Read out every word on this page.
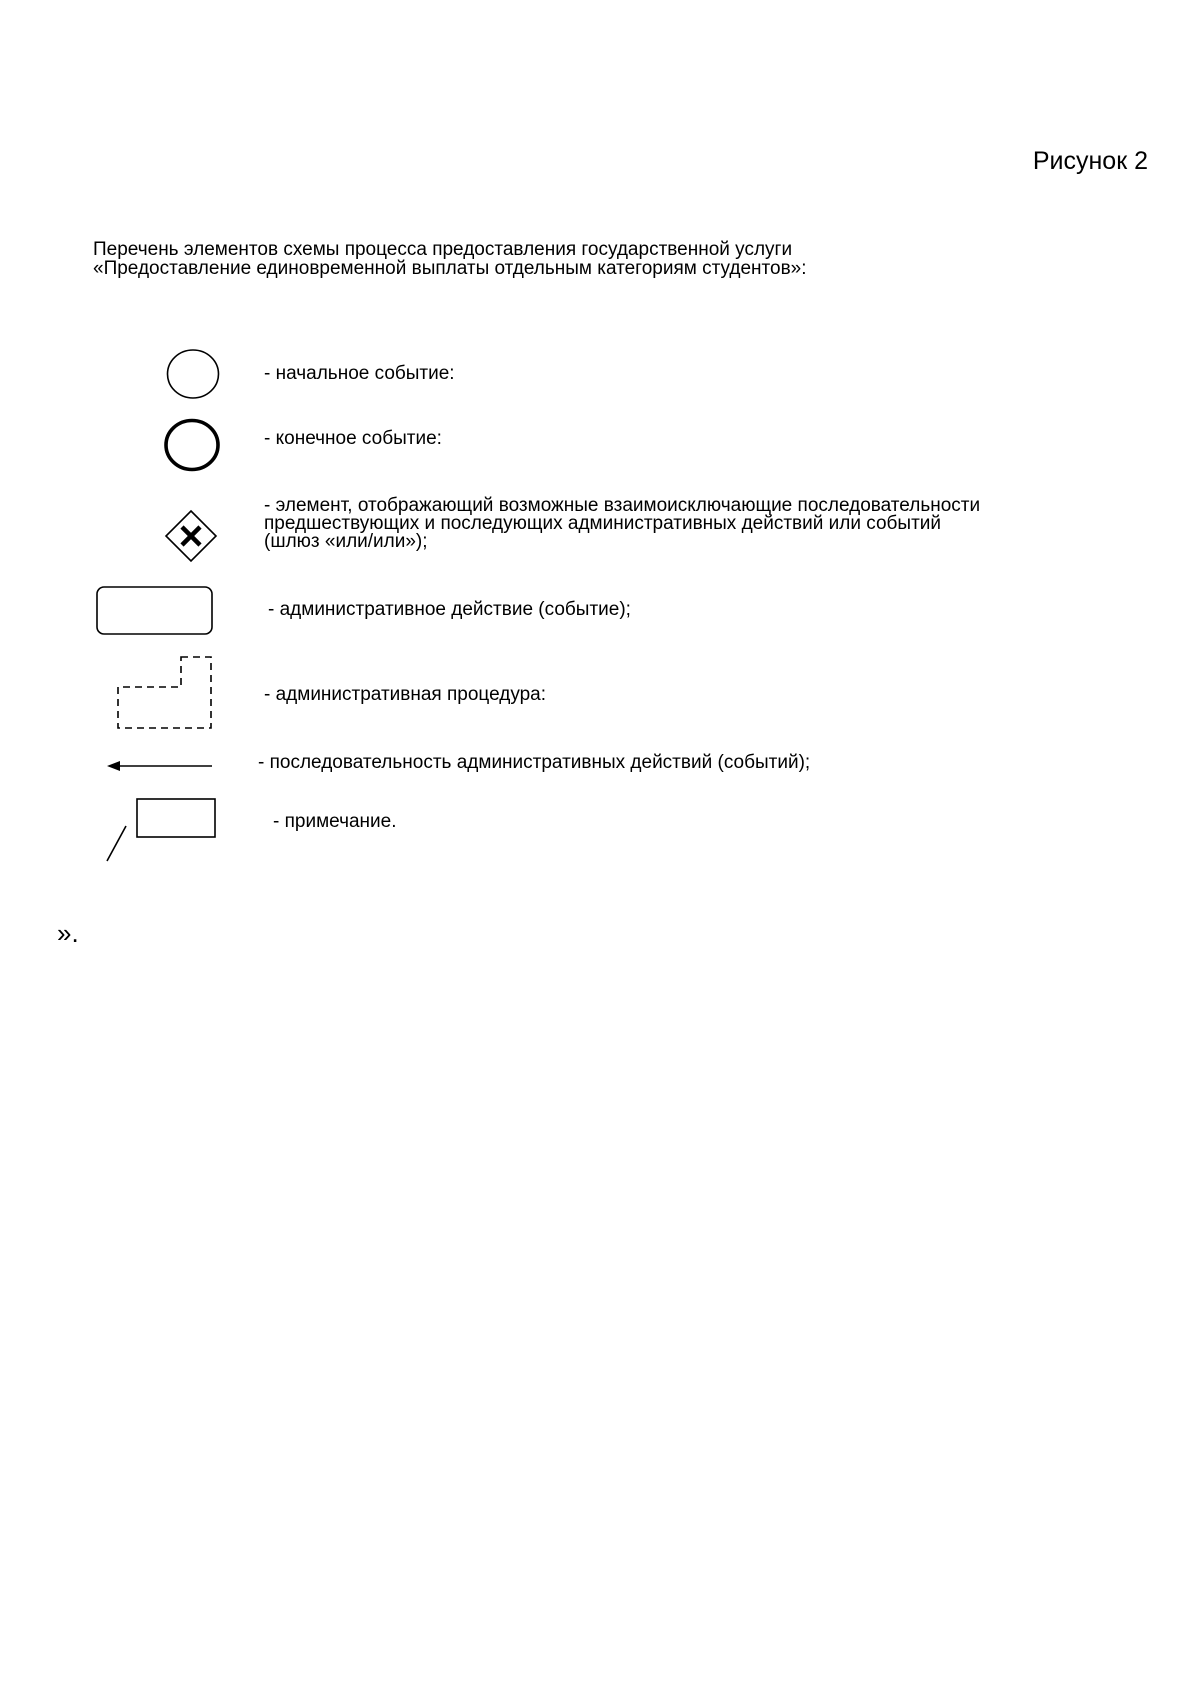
Рисунок 2
Перечень элементов схемы процесса предоставления государственной услуги
«Предоставление единовременной выплаты отдельным категориям студентов»:
- начальное событие:
- конечное событие:
- элемент, отображающий возможные взаимоисключающие последовательности
предшествующих и последующих административных действий или событий
(шлюз «или/или»);
- административное действие (событие);
- административная процедура:
- последовательность административных действий (событий);
- примечание.
».
